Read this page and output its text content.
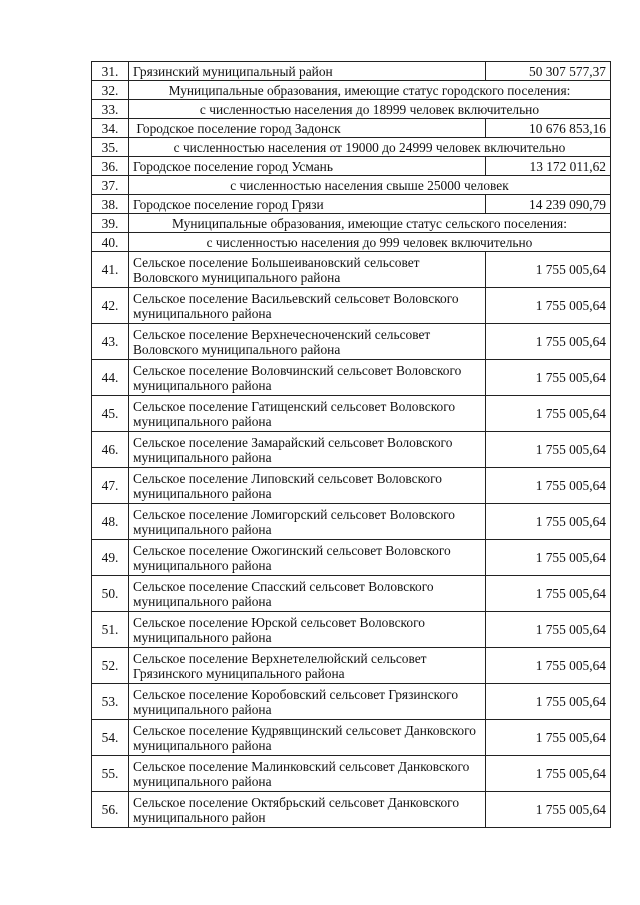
31.	Грязинский муниципальный район	50 307 577,37
32.	Муниципальные образования, имеющие статус городского поселения:	
33.	с численностью населения до 18999 человек включительно	
34.	Городское поселение город Задонск	10 676 853,16
35.	с численностью населения от 19000 до 24999 человек включительно	
36.	Городское поселение город Усмань	13 172 011,62
37.	с численностью населения свыше 25000 человек	
38.	Городское поселение город Грязи	14 239 090,79
39.	Муниципальные образования, имеющие статус сельского поселения:	
40.	с численностью населения до 999 человек включительно	
41.	Сельское поселение Большеивановский сельсовет Воловского муниципального района	1 755 005,64
42.	Сельское поселение Васильевский сельсовет Воловского муниципального района	1 755 005,64
43.	Сельское поселение Верхнечесноченский сельсовет Воловского муниципального района	1 755 005,64
44.	Сельское поселение Воловчинский сельсовет Воловского муниципального района	1 755 005,64
45.	Сельское поселение Гатищенский сельсовет Воловского муниципального района	1 755 005,64
46.	Сельское поселение Замарайский сельсовет Воловского муниципального района	1 755 005,64
47.	Сельское поселение Липовский сельсовет Воловского муниципального района	1 755 005,64
48.	Сельское поселение Ломигорский сельсовет Воловского муниципального района	1 755 005,64
49.	Сельское поселение Ожогинский сельсовет Воловского муниципального района	1 755 005,64
50.	Сельское поселение Спасский сельсовет Воловского муниципального района	1 755 005,64
51.	Сельское поселение Юрской сельсовет Воловского муниципального района	1 755 005,64
52.	Сельское поселение Верхнетелелюйский сельсовет Грязинского муниципального района	1 755 005,64
53.	Сельское поселение Коробовский сельсовет Грязинского муниципального района	1 755 005,64
54.	Сельское поселение Кудрявщинский сельсовет Данковского муниципального района	1 755 005,64
55.	Сельское поселение Малинковский сельсовет Данковского муниципального района	1 755 005,64
56.	Сельское поселение Октябрьский сельсовет Данковского муниципального район	1 755 005,64
